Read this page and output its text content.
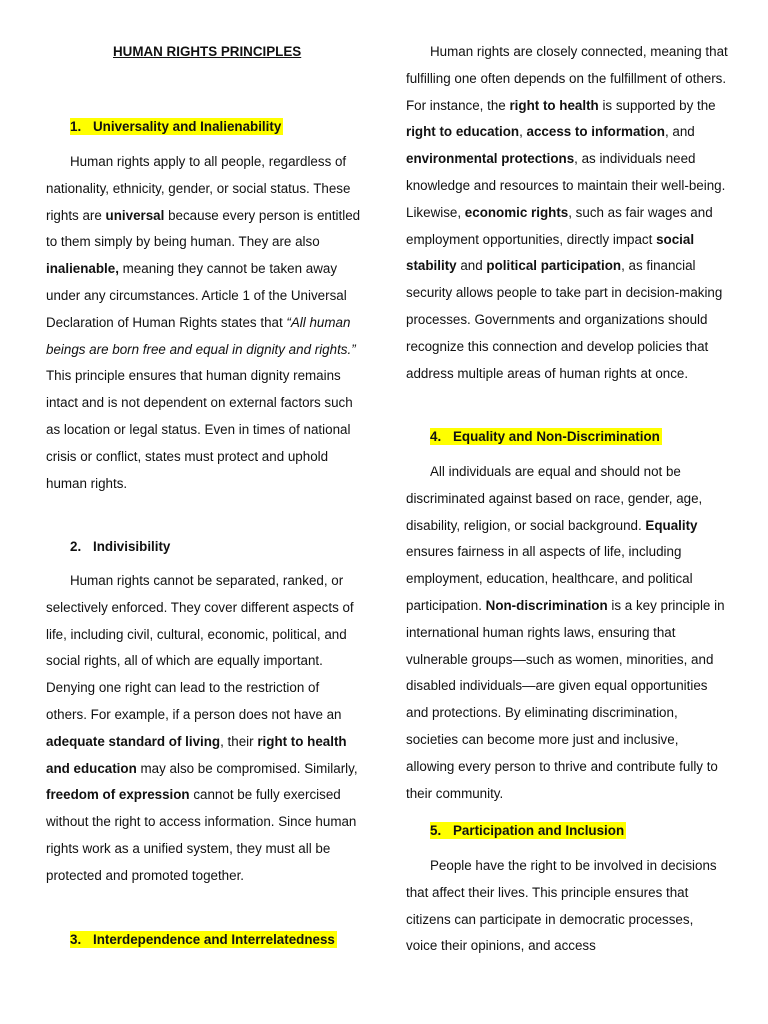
HUMAN RIGHTS PRINCIPLES

1. Universality and Inalienability

Human rights apply to all people, regardless of nationality, ethnicity, gender, or social status. These rights are universal because every person is entitled to them simply by being human. They are also inalienable, meaning they cannot be taken away under any circumstances. Article 1 of the Universal Declaration of Human Rights states that “All human beings are born free and equal in dignity and rights.” This principle ensures that human dignity remains intact and is not dependent on external factors such as location or legal status. Even in times of national crisis or conflict, states must protect and uphold human rights.

2. Indivisibility

Human rights cannot be separated, ranked, or selectively enforced. They cover different aspects of life, including civil, cultural, economic, political, and social rights, all of which are equally important. Denying one right can lead to the restriction of others. For example, if a person does not have an adequate standard of living, their right to health and education may also be compromised. Similarly, freedom of expression cannot be fully exercised without the right to access information. Since human rights work as a unified system, they must all be protected and promoted together.

3. Interdependence and Interrelatedness

Human rights are closely connected, meaning that fulfilling one often depends on the fulfillment of others. For instance, the right to health is supported by the right to education, access to information, and environmental protections, as individuals need knowledge and resources to maintain their well-being. Likewise, economic rights, such as fair wages and employment opportunities, directly impact social stability and political participation, as financial security allows people to take part in decision-making processes. Governments and organizations should recognize this connection and develop policies that address multiple areas of human rights at once.

4. Equality and Non-Discrimination

All individuals are equal and should not be discriminated against based on race, gender, age, disability, religion, or social background. Equality ensures fairness in all aspects of life, including employment, education, healthcare, and political participation. Non-discrimination is a key principle in international human rights laws, ensuring that vulnerable groups—such as women, minorities, and disabled individuals—are given equal opportunities and protections. By eliminating discrimination, societies can become more just and inclusive, allowing every person to thrive and contribute fully to their community.

5. Participation and Inclusion

People have the right to be involved in decisions that affect their lives. This principle ensures that citizens can participate in democratic processes, voice their opinions, and access
